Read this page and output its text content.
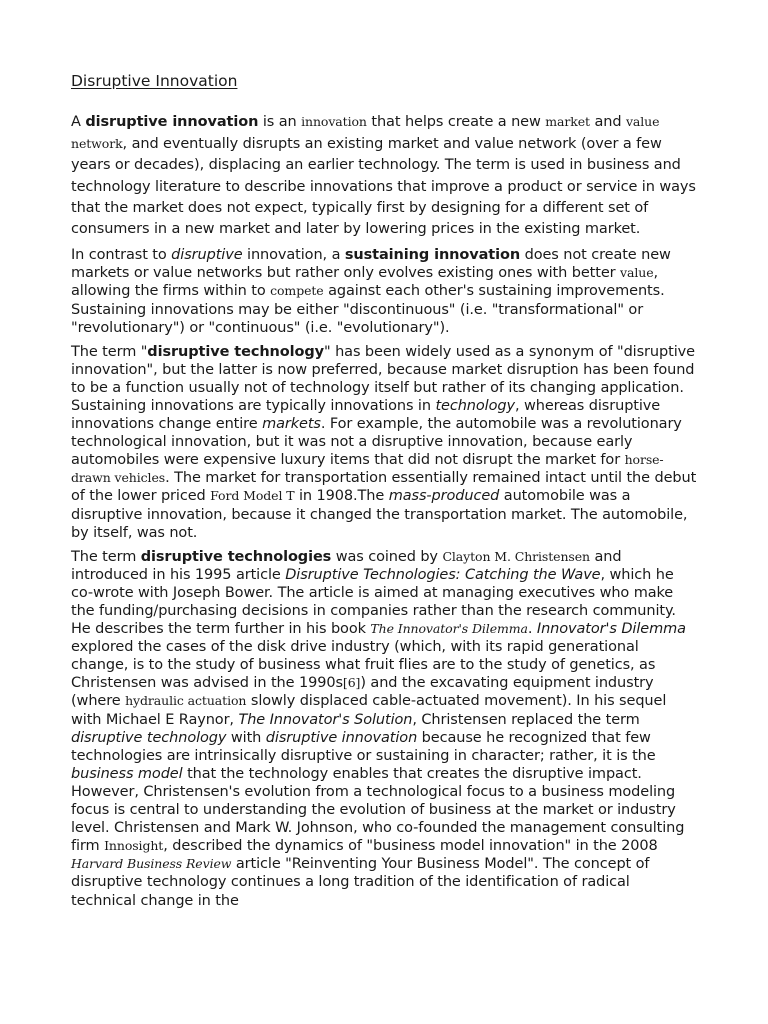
Disruptive Innovation

A disruptive innovation is an innovation that helps create a new market and value network, and eventually disrupts an existing market and value network (over a few years or decades), displacing an earlier technology. The term is used in business and technology literature to describe innovations that improve a product or service in ways that the market does not expect, typically first by designing for a different set of consumers in a new market and later by lowering prices in the existing market.

In contrast to disruptive innovation, a sustaining innovation does not create new markets or value networks but rather only evolves existing ones with better value, allowing the firms within to compete against each other's sustaining improvements. Sustaining innovations may be either "discontinuous" (i.e. "transformational" or "revolutionary") or "continuous" (i.e. "evolutionary").

The term "disruptive technology" has been widely used as a synonym of "disruptive innovation", but the latter is now preferred, because market disruption has been found to be a function usually not of technology itself but rather of its changing application. Sustaining innovations are typically innovations in technology, whereas disruptive innovations change entire markets. For example, the automobile was a revolutionary technological innovation, but it was not a disruptive innovation, because early automobiles were expensive luxury items that did not disrupt the market for horse-drawn vehicles. The market for transportation essentially remained intact until the debut of the lower priced Ford Model T in 1908.The mass-produced automobile was a disruptive innovation, because it changed the transportation market. The automobile, by itself, was not.

The term disruptive technologies was coined by Clayton M. Christensen and introduced in his 1995 article Disruptive Technologies: Catching the Wave, which he co-wrote with Joseph Bower. The article is aimed at managing executives who make the funding/purchasing decisions in companies rather than the research community. He describes the term further in his book The Innovator's Dilemma. Innovator's Dilemma explored the cases of the disk drive industry (which, with its rapid generational change, is to the study of business what fruit flies are to the study of genetics, as Christensen was advised in the 1990s[6]) and the excavating equipment industry (where hydraulic actuation slowly displaced cable-actuated movement). In his sequel with Michael E Raynor, The Innovator's Solution, Christensen replaced the term disruptive technology with disruptive innovation because he recognized that few technologies are intrinsically disruptive or sustaining in character; rather, it is the business model that the technology enables that creates the disruptive impact. However, Christensen's evolution from a technological focus to a business modeling focus is central to understanding the evolution of business at the market or industry level. Christensen and Mark W. Johnson, who co-founded the management consulting firm Innosight, described the dynamics of "business model innovation" in the 2008 Harvard Business Review article "Reinventing Your Business Model". The concept of disruptive technology continues a long tradition of the identification of radical technical change in the
